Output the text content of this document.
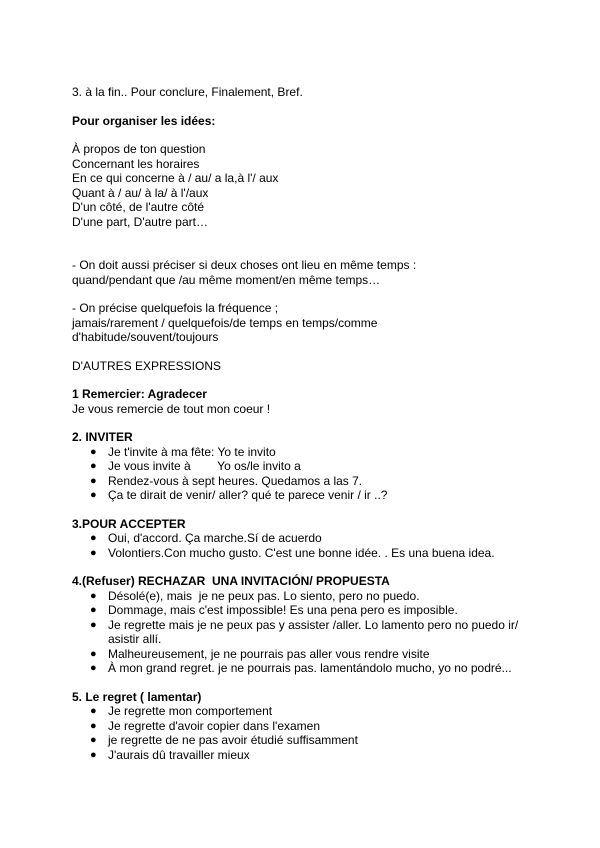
3. à la fin.. Pour conclure, Finalement, Bref.
Pour organiser les idées:
À propos de ton question
Concernant les horaires
En ce qui concerne à / au/ a la,à l'/ aux
Quant à / au/ à la/ à l'/aux
D'un côté, de l'autre côté
D'une part, D'autre part…
- On doit aussi préciser si deux choses ont lieu en même temps :
quand/pendant que /au même moment/en même temps…
- On précise quelquefois la fréquence ;
jamais/rarement / quelquefois/de temps en temps/comme
d'habitude/souvent/toujours
D'AUTRES EXPRESSIONS
1 Remercier: Agradecer
Je vous remercie de tout mon coeur !
2. INVITER
● Je t'invite à ma fête: Yo te invito
● Je vous invite à        Yo os/le invito a
● Rendez-vous à sept heures. Quedamos a las 7.
● Ça te dirait de venir/ aller? qué te parece venir / ir ..?
3.POUR ACCEPTER
● Oui, d'accord. Ça marche.Sí de acuerdo
● Volontiers.Con mucho gusto. C'est une bonne idée. . Es una buena idea.
4.(Refuser) RECHAZAR  UNA INVITACIÓN/ PROPUESTA
● Désolé(e), mais  je ne peux pas. Lo siento, pero no puedo.
● Dommage, mais c'est impossible! Es una pena pero es imposible.
● Je regrette mais je ne peux pas y assister /aller. Lo lamento pero no puedo ir/
asistir allí.
● Malheureusement, je ne pourrais pas aller vous rendre visite
● À mon grand regret. je ne pourrais pas. lamentándolo mucho, yo no podré...
5. Le regret ( lamentar)
● Je regrette mon comportement
● Je regrette d'avoir copier dans l'examen
● je regrette de ne pas avoir étudié suffisamment
● J'aurais dû travailler mieux
